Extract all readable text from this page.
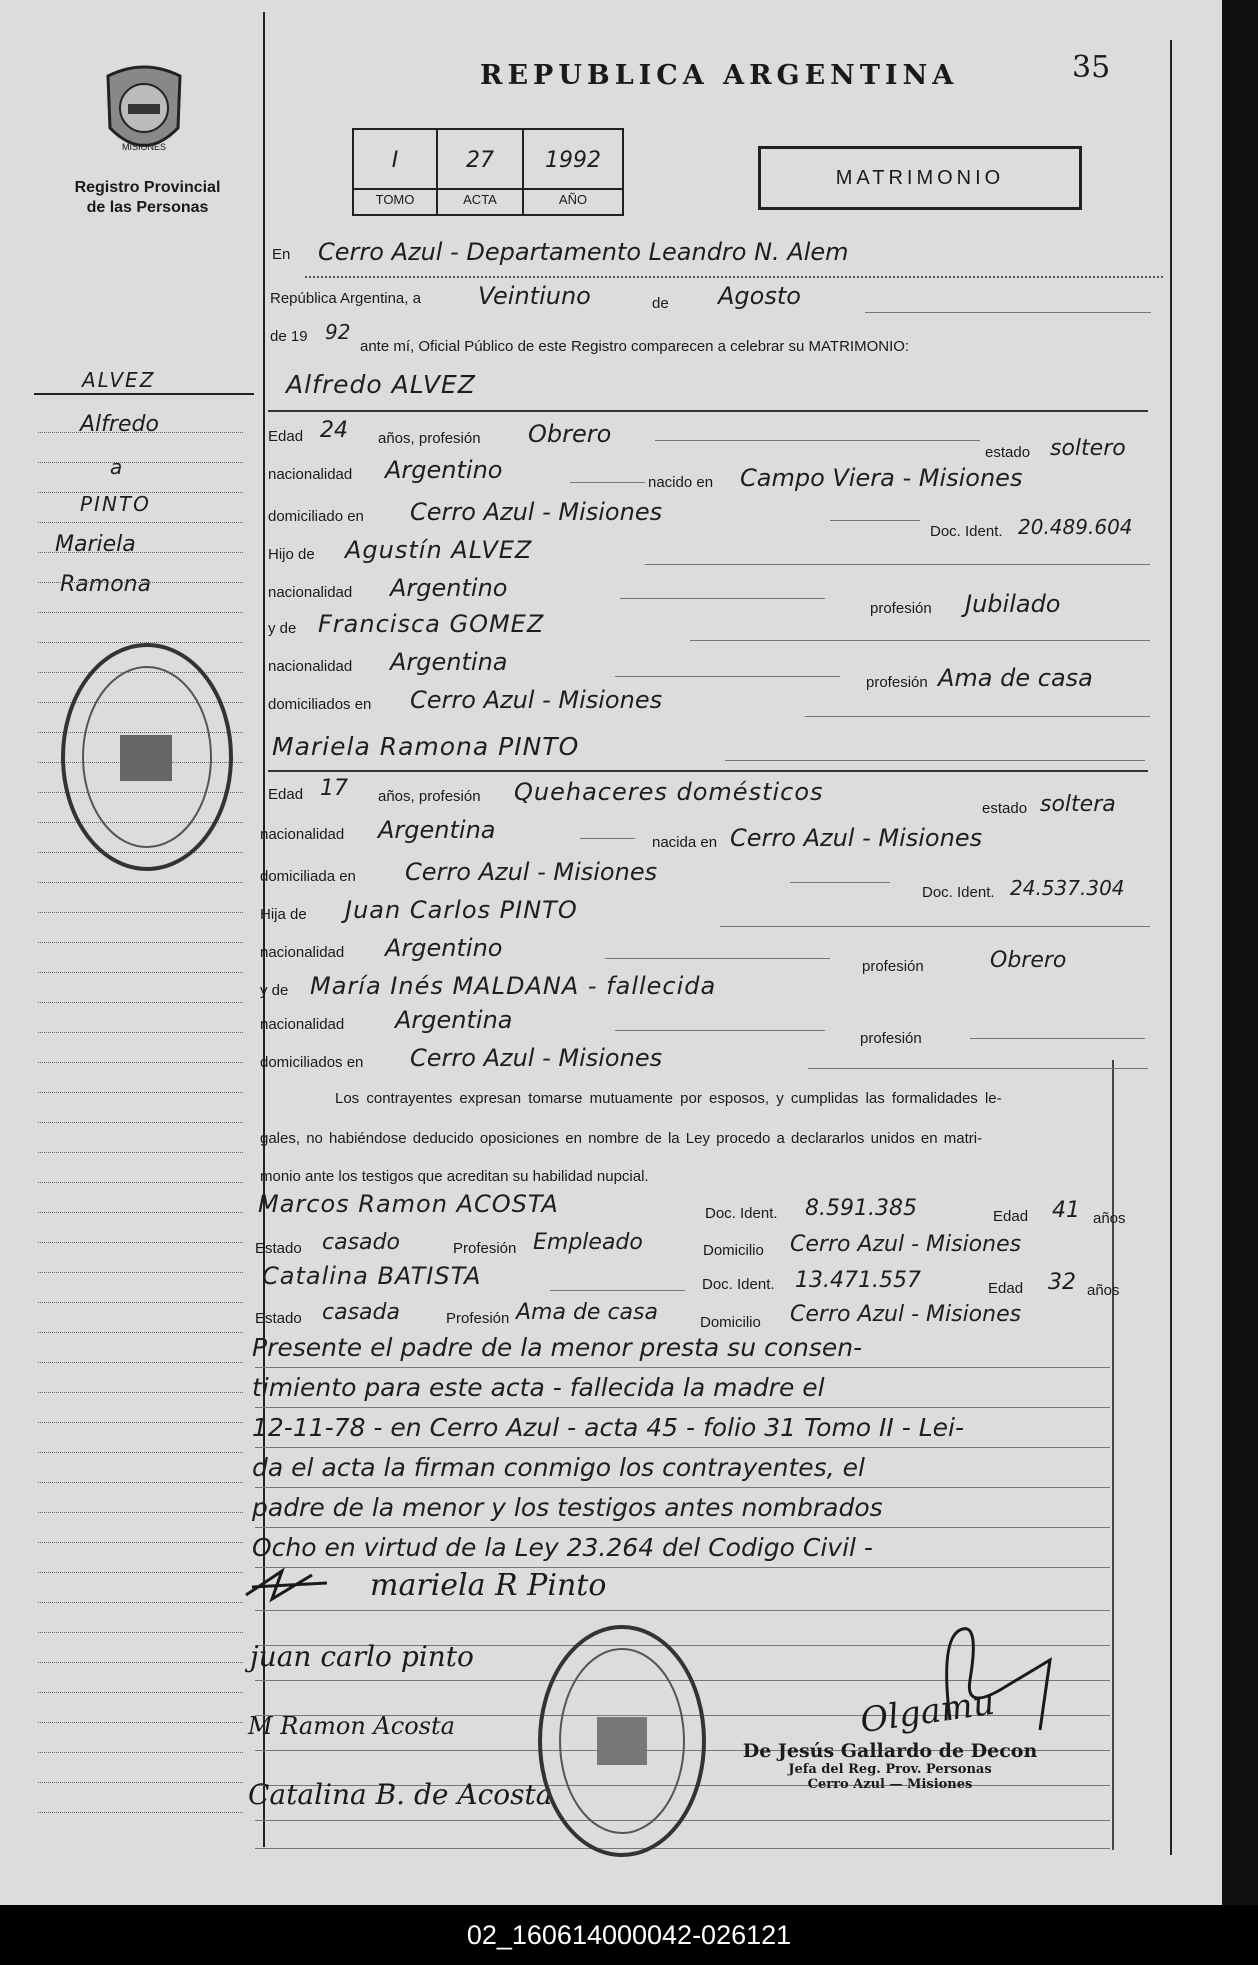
MISIONES
Registro Provincial
de las Personas
REPUBLICA ARGENTINA	35
I	27	1992
TOMO	ACTA	AÑO
MATRIMONIO
ALVEZ
Alfredo
a
PINTO
Mariela
Ramona
En Cerro Azul - Departamento Leandro N. Alem
República Argentina, a Veintiuno	de Agosto
de 19 92
ante mí, Oficial Público de este Registro comparecen a celebrar su MATRIMONIO:
Alfredo ALVEZ
Edad 24 años, profesión Obrero
estado soltero
nacionalidad Argentino	nacido en Campo Viera - Misiones
domiciliado en Cerro Azul - Misiones
Doc. Ident. 20.489.604
Hijo de Agustín ALVEZ
nacionalidad Argentino
profesión Jubilado
y de Francisca GOMEZ
nacionalidad Argentina
profesión Ama de casa
domiciliados en Cerro Azul - Misiones
Mariela Ramona PINTO
Edad 17 años, profesión Quehaceres domésticos
estado soltera
nacionalidad Argentina	nacida en Cerro Azul - Misiones
domiciliada en Cerro Azul - Misiones
Doc. Ident. 24.537.304
Hija de Juan Carlos PINTO
nacionalidad Argentino
profesión	Obrero
y de María Inés MALDANA - fallecida
nacionalidad Argentina
profesión
domiciliados en Cerro Azul - Misiones
Los contrayentes expresan tomarse mutuamente por esposos, y cumplidas las formalidades le-
gales, no habiéndose deducido oposiciones en nombre de la Ley procedo a declararlos unidos en matri-
monio ante los testigos que acreditan su habilidad nupcial.
Marcos Ramon ACOSTA	Doc. Ident. 8.591.385	Edad 41 años
Estado casado	Profesión Empleado	Domicilio Cerro Azul - Misiones
Catalina BATISTA	Doc. Ident. 13.471.557	Edad 32 años
Estado casada	Profesión Ama de casa	Domicilio Cerro Azul - Misiones
Presente el padre de la menor presta su consen-
timiento para este acta - fallecida la madre el
12-11-78 - en Cerro Azul - acta 45 - folio 31 Tomo II - Lei-
da el acta la firman conmigo los contrayentes, el
padre de la menor y los testigos antes nombrados
Ocho en virtud de la Ley 23.264 del Codigo Civil -
mariela R Pinto
juan carlo pinto
M Ramon Acosta
Catalina B. de Acosta
Olgamu
De Jesús Gallardo de Decon
Jefa del Reg. Prov. Personas
Cerro Azul — Misiones
02_160614000042-026121
